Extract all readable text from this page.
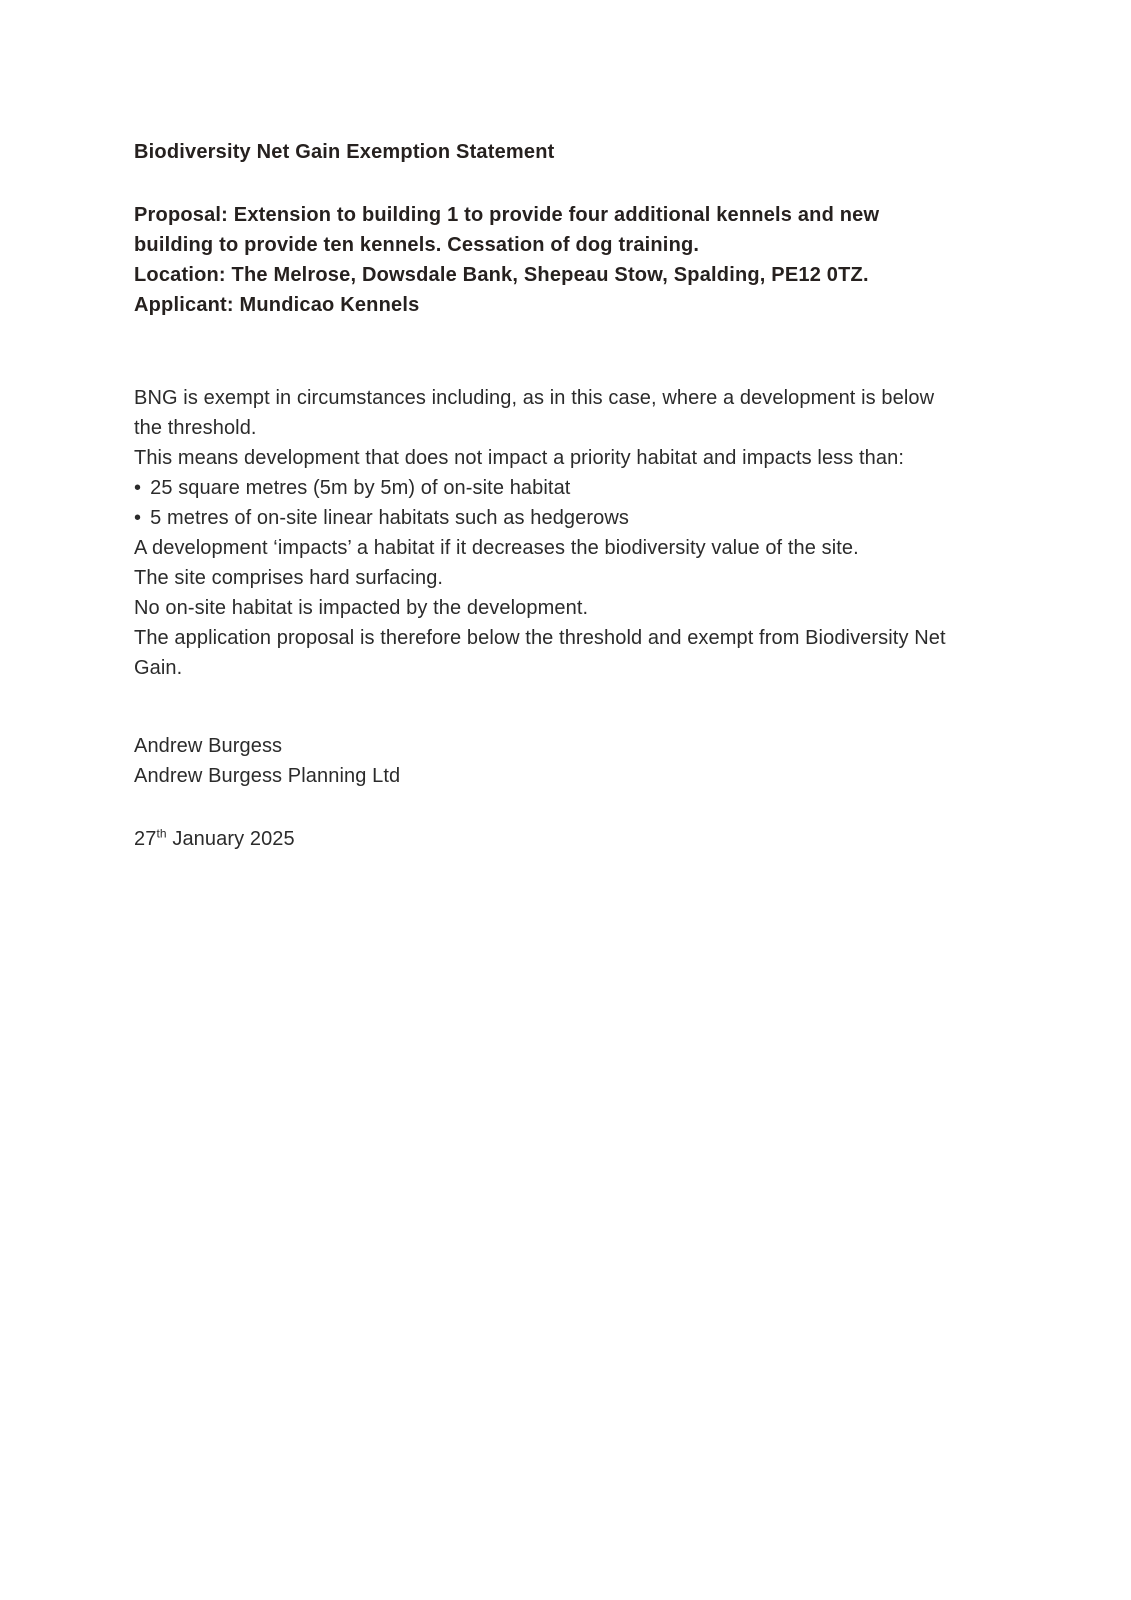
Biodiversity Net Gain Exemption Statement

Proposal: Extension to building 1 to provide four additional kennels and new building to provide ten kennels. Cessation of dog training.

Location: The Melrose, Dowsdale Bank, Shepeau Stow, Spalding, PE12 0TZ.

Applicant: Mundicao Kennels

BNG is exempt in circumstances including, as in this case, where a development is below the threshold.

This means development that does not impact a priority habitat and impacts less than:

• 25 square metres (5m by 5m) of on-site habitat
• 5 metres of on-site linear habitats such as hedgerows

A development ‘impacts’ a habitat if it decreases the biodiversity value of the site.

The site comprises hard surfacing.

No on-site habitat is impacted by the development.

The application proposal is therefore below the threshold and exempt from Biodiversity Net Gain.

Andrew Burgess

Andrew Burgess Planning Ltd

27th January 2025
